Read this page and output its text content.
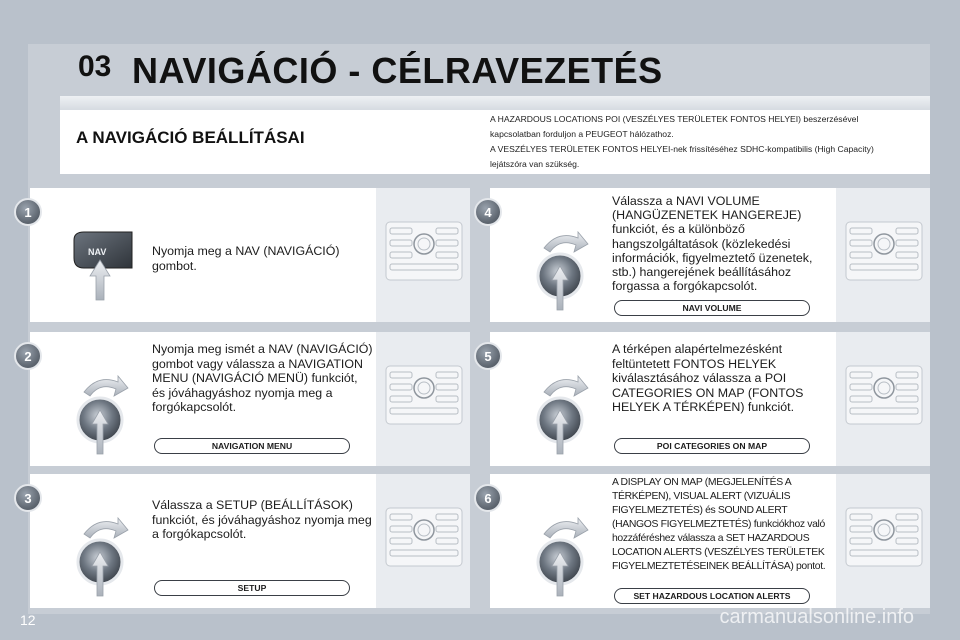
03 NAVIGÁCIÓ - CÉLRAVEZETÉS
A NAVIGÁCIÓ BEÁLLÍTÁSAI

A HAZARDOUS LOCATIONS POI (VESZÉLYES TERÜLETEK FONTOS HELYEI) beszerzésével

kapcsolatban forduljon a PEUGEOT hálózathoz.

A VESZÉLYES TERÜLETEK FONTOS HELYEI-nek frissítéséhez SDHC-kompatibilis (High Capacity)

lejátszóra van szükség.

1
NAV	Nyomja meg a NAV (NAVIGÁCIÓ) gombot.
2	Nyomja meg ismét a NAV (NAVIGÁCIÓ) gombot vagy válassza a NAVIGATION MENU (NAVIGÁCIÓ MENÜ) funkciót, és jóváhagyáshoz nyomja meg a forgókapcsolót.
NAVIGATION MENU
3	Válassza a SETUP (BEÁLLÍTÁSOK) funkciót, és jóváhagyáshoz nyomja meg a forgókapcsolót.
SETUP
4
Válassza a NAVI VOLUME (HANGÜZENETEK HANGEREJE) funkciót, és a különböző hangszolgáltatások (közlekedési információk, figyelmeztető üzenetek, stb.) hangerejének beállításához forgassa a forgókapcsolót.
NAVI VOLUME
5	A térképen alapértelmezésként feltüntetett FONTOS HELYEK kiválasztásához válassza a POI CATEGORIES ON MAP (FONTOS HELYEK A TÉRKÉPEN) funkciót.
POI CATEGORIES ON MAP
6
A DISPLAY ON MAP (MEGJELENÍTÉS A TÉRKÉPEN), VISUAL ALERT (VIZUÁLIS FIGYELMEZTETÉS) és SOUND ALERT (HANGOS FIGYELMEZTETÉS) funkciókhoz való hozzáféréshez válassza a SET HAZARDOUS LOCATION ALERTS (VESZÉLYES TERÜLETEK FIGYELMEZTETÉSEINEK BEÁLLÍTÁSA) pontot.
SET HAZARDOUS LOCATION ALERTS
12	carmanualsonline.info
